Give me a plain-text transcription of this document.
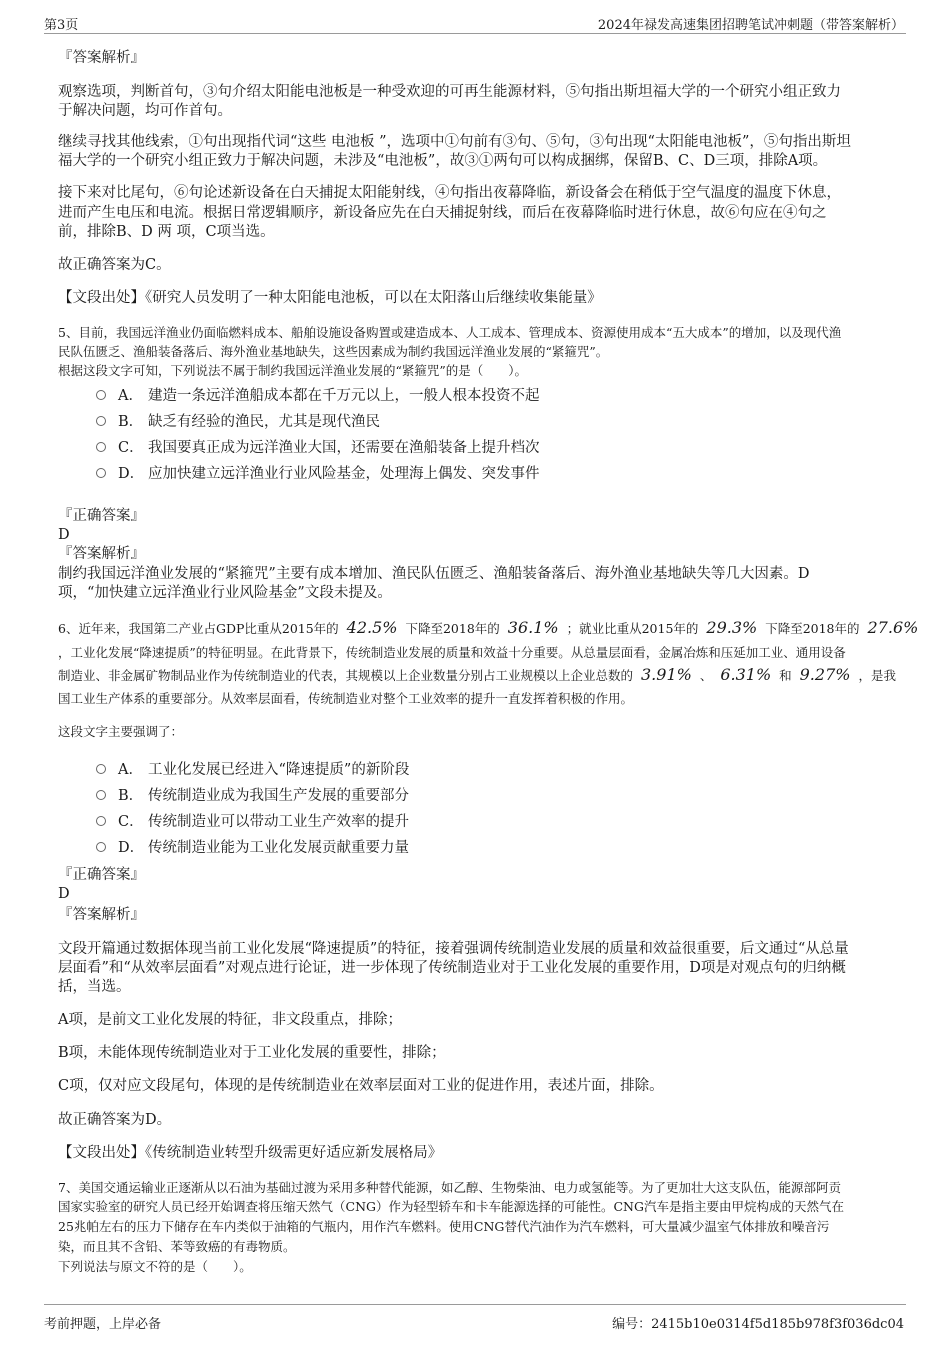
第3页	2024年禄发高速集团招聘笔试冲刺题（带答案解析）
『答案解析』
观察选项，判断首句，③句介绍太阳能电池板是一种受欢迎的可再生能源材料，⑤句指出斯坦福大学的一个研究小组正致力
于解决问题，均可作首句。
继续寻找其他线索，①句出现指代词“这些 电池板 ”，选项中①句前有③句、⑤句，③句出现“太阳能电池板”，⑤句指出斯坦
福大学的一个研究小组正致力于解决问题，未涉及“电池板”，故③①两句可以构成捆绑，保留B、C、D三项，排除A项。
接下来对比尾句，⑥句论述新设备在白天捕捉太阳能射线，④句指出夜幕降临，新设备会在稍低于空气温度的温度下休息，
进而产生电压和电流。根据日常逻辑顺序，新设备应先在白天捕捉射线，而后在夜幕降临时进行休息，故⑥句应在④句之
前，排除B、D 两 项，C项当选。
故正确答案为C。
【文段出处】《研究人员发明了一种太阳能电池板，可以在太阳落山后继续收集能量》
5、目前，我国远洋渔业仍面临燃料成本、船舶设施设备购置或建造成本、人工成本、管理成本、资源使用成本“五大成本”的增加，以及现代渔
民队伍匮乏、渔船装备落后、海外渔业基地缺失，这些因素成为制约我国远洋渔业发展的“紧箍咒”。
根据这段文字可知，下列说法不属于制约我国远洋渔业发展的“紧箍咒”的是（　　）。
A． 建造一条远洋渔船成本都在千万元以上，一般人根本投资不起
B． 缺乏有经验的渔民，尤其是现代渔民
C． 我国要真正成为远洋渔业大国，还需要在渔船装备上提升档次
D． 应加快建立远洋渔业行业风险基金，处理海上偶发、突发事件
『正确答案』
D
『答案解析』
制约我国远洋渔业发展的“紧箍咒”主要有成本增加、渔民队伍匮乏、渔船装备落后、海外渔业基地缺失等几大因素。D
项，“加快建立远洋渔业行业风险基金”文段未提及。
6、近年来，我国第二产业占GDP比重从2015年的 42.5% 下降至2018年的 36.1% ；就业比重从2015年的 29.3% 下降至2018年的 27.6%
，工业化发展“降速提质”的特征明显。在此背景下，传统制造业发展的质量和效益十分重要。从总量层面看，金属冶炼和压延加工业、通用设备
制造业、非金属矿物制品业作为传统制造业的代表，其规模以上企业数量分别占工业规模以上企业总数的 3.91% 、 6.31% 和 9.27% ，是我
国工业生产体系的重要部分。从效率层面看，传统制造业对整个工业效率的提升一直发挥着积极的作用。
这段文字主要强调了：
A． 工业化发展已经进入“降速提质”的新阶段
B． 传统制造业成为我国生产发展的重要部分
C． 传统制造业可以带动工业生产效率的提升
D． 传统制造业能为工业化发展贡献重要力量
『正确答案』
D
『答案解析』
文段开篇通过数据体现当前工业化发展“降速提质”的特征，接着强调传统制造业发展的质量和效益很重要，后文通过“从总量
层面看”和“从效率层面看”对观点进行论证，进一步体现了传统制造业对于工业化发展的重要作用，D项是对观点句的归纳概
括，当选。
A项，是前文工业化发展的特征，非文段重点，排除；
B项，未能体现传统制造业对于工业化发展的重要性，排除；
C项，仅对应文段尾句，体现的是传统制造业在效率层面对工业的促进作用，表述片面，排除。
故正确答案为D。
【文段出处】《传统制造业转型升级需更好适应新发展格局》
7、美国交通运输业正逐渐从以石油为基础过渡为采用多种替代能源，如乙醇、生物柴油、电力或氢能等。为了更加壮大这支队伍，能源部阿贡
国家实验室的研究人员已经开始调查将压缩天然气（CNG）作为轻型轿车和卡车能源选择的可能性。CNG汽车是指主要由甲烷构成的天然气在
25兆帕左右的压力下储存在车内类似于油箱的气瓶内，用作汽车燃料。使用CNG替代汽油作为汽车燃料，可大量减少温室气体排放和噪音污
染，而且其不含铅、苯等致癌的有毒物质。
下列说法与原文不符的是（　　）。
考前押题，上岸必备	编号：2415b10e0314f5d185b978f3f036dc04
